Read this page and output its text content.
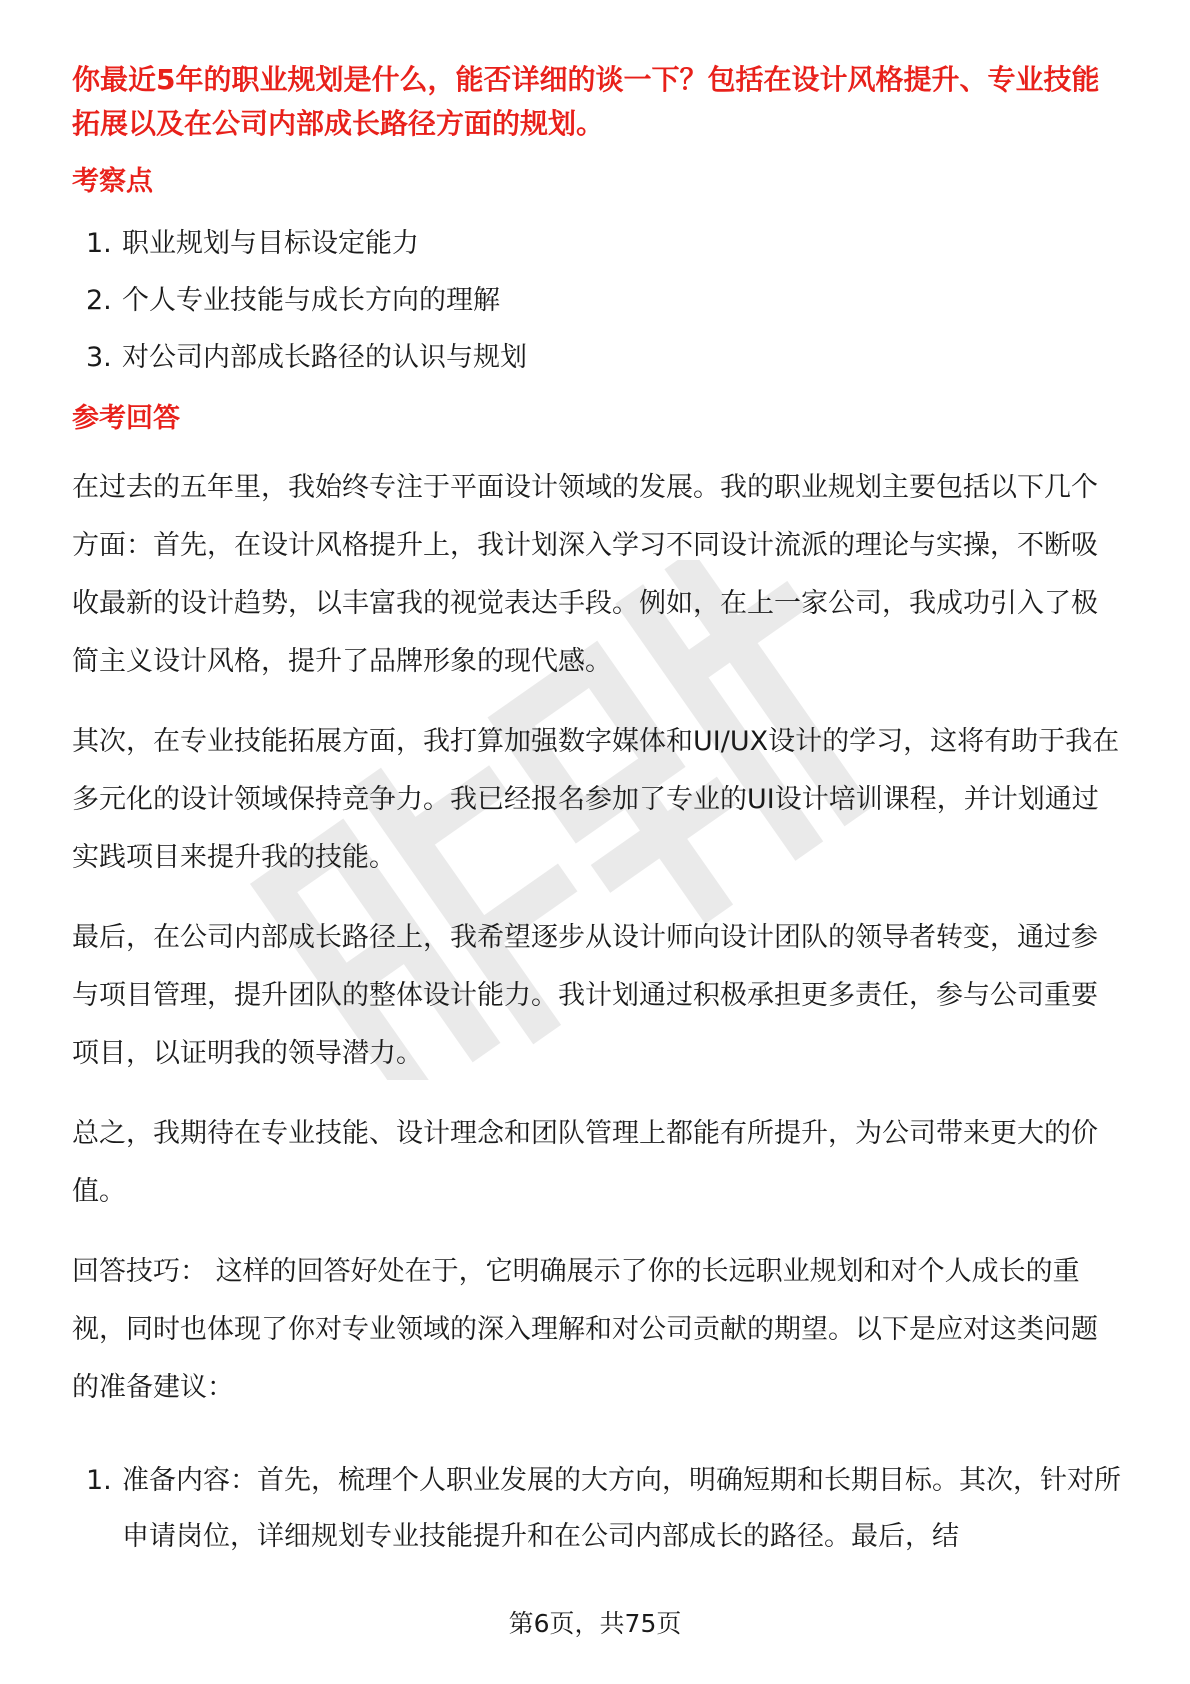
你最近5年的职业规划是什么，能否详细的谈一下？包括在设计风格提升、专业技能拓展以及在公司内部成长路径方面的规划。

考察点
1. 职业规划与目标设定能力
2. 个人专业技能与成长方向的理解
3. 对公司内部成长路径的认识与规划
参考回答

在过去的五年里，我始终专注于平面设计领域的发展。我的职业规划主要包括以下几个方面：首先，在设计风格提升上，我计划深入学习不同设计流派的理论与实操，不断吸收最新的设计趋势，以丰富我的视觉表达手段。例如，在上一家公司，我成功引入了极简主义设计风格，提升了品牌形象的现代感。

其次，在专业技能拓展方面，我打算加强数字媒体和UI/UX设计的学习，这将有助于我在多元化的设计领域保持竞争力。我已经报名参加了专业的UI设计培训课程，并计划通过实践项目来提升我的技能。

最后，在公司内部成长路径上，我希望逐步从设计师向设计团队的领导者转变，通过参与项目管理，提升团队的整体设计能力。我计划通过积极承担更多责任，参与公司重要项目，以证明我的领导潜力。

总之，我期待在专业技能、设计理念和团队管理上都能有所提升，为公司带来更大的价值。

回答技巧： 这样的回答好处在于，它明确展示了你的长远职业规划和对个人成长的重视，同时也体现了你对专业领域的深入理解和对公司贡献的期望。以下是应对这类问题的准备建议：

1. 准备内容：首先，梳理个人职业发展的大方向，明确短期和长期目标。其次，针对所申请岗位，详细规划专业技能提升和在公司内部成长的路径。最后，结
第6页，共75页
